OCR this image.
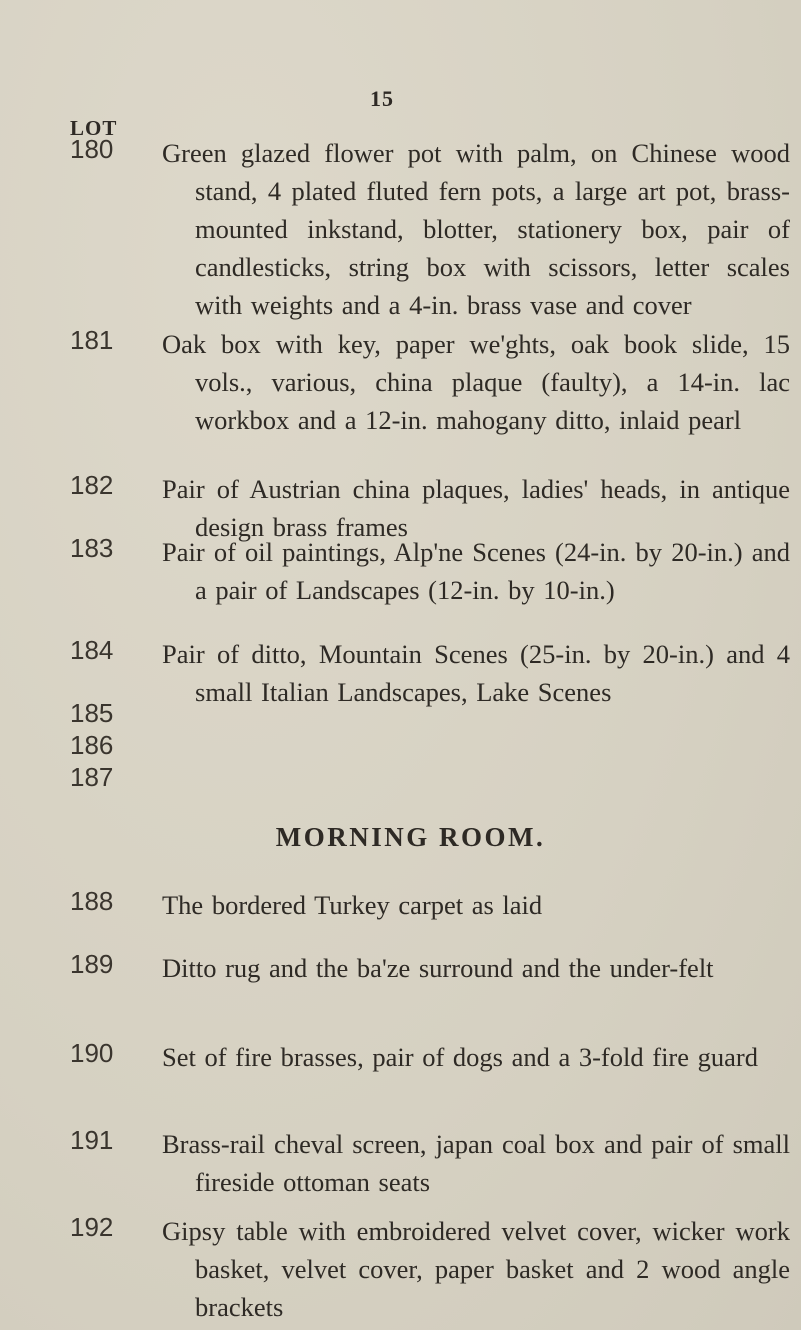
15
LOT
180 Green glazed flower pot with palm, on Chinese wood stand, 4 plated fluted fern pots, a large art pot, brass-mounted inkstand, blotter, stationery box, pair of candlesticks, string box with scissors, letter scales with weights and a 4-in. brass vase and cover
181 Oak box with key, paper we'ghts, oak book slide, 15 vols., various, china plaque (faulty), a 14-in. lac workbox and a 12-in. mahogany ditto, inlaid pearl
182 Pair of Austrian china plaques, ladies' heads, in antique design brass frames
183 Pair of oil paintings, Alp'ne Scenes (24-in. by 20-in.) and a pair of Landscapes (12-in. by 10-in.)
184 Pair of ditto, Mountain Scenes (25-in. by 20-in.) and 4 small Italian Landscapes, Lake Scenes
185
186
187
MORNING ROOM.
188 The bordered Turkey carpet as laid
189 Ditto rug and the ba'ze surround and the under-felt
190 Set of fire brasses, pair of dogs and a 3-fold fire guard
191 Brass-rail cheval screen, japan coal box and pair of small fireside ottoman seats
192 Gipsy table with embroidered velvet cover, wicker work basket, velvet cover, paper basket and 2 wood angle brackets
